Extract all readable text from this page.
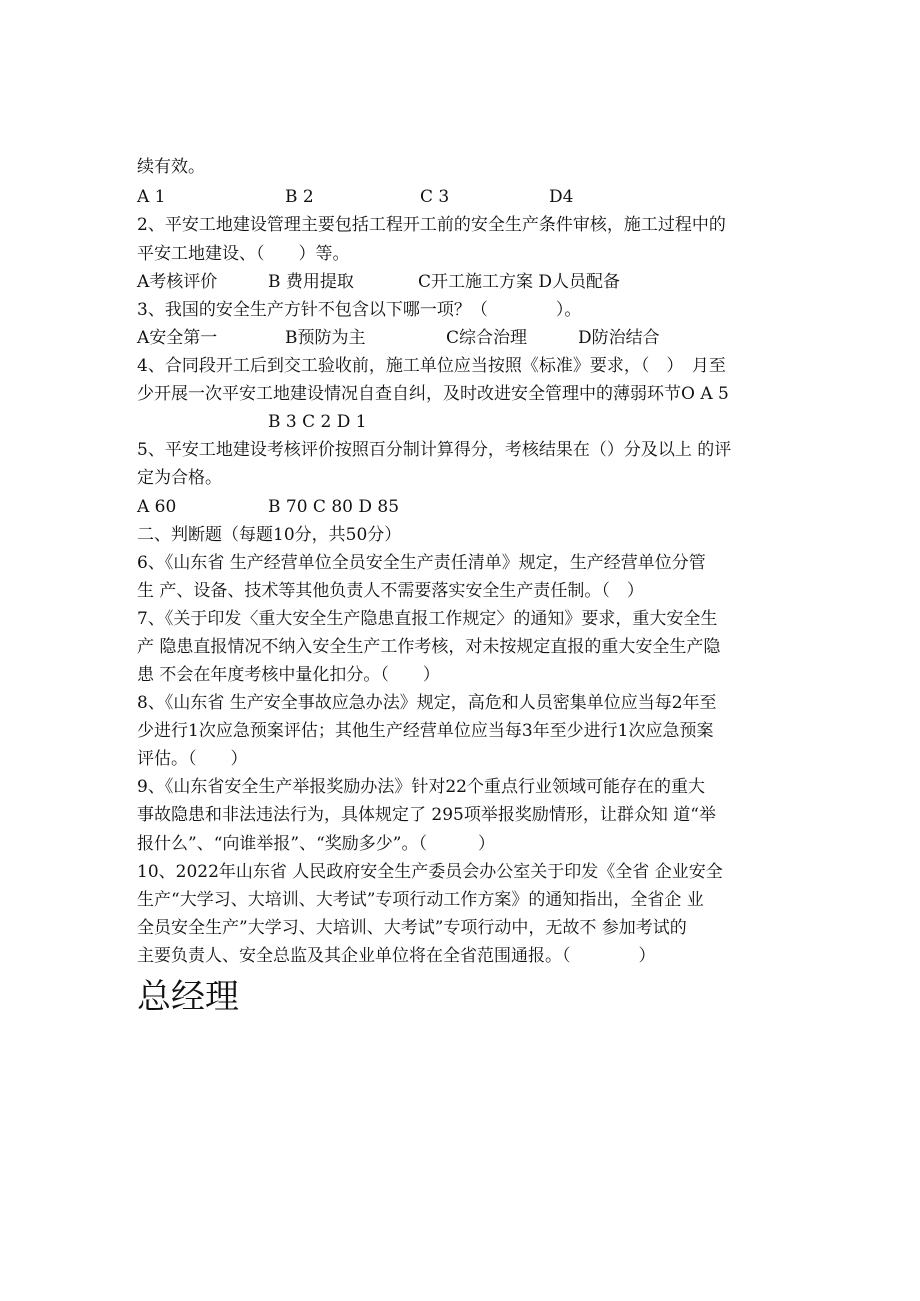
续有效。
A 1	B 2	C 3	D4
2、平安工地建设管理主要包括工程开工前的安全生产条件审核，施工过程中的
平安工地建设、（　　）等。
A考核评价	B 费用提取	C开工施工方案 D人员配备
3、我国的安全生产方针不包含以下哪一项？（　　　　）。
A安全第一	B预防为主	C综合治理	D防治结合
4、合同段开工后到交工验收前，施工单位应当按照《标准》要求，（　）　月至
少开展一次平安工地建设情况自查自纠，及时改进安全管理中的薄弱环节O A 5
B 3 C 2 D 1
5、平安工地建设考核评价按照百分制计算得分，考核结果在（）分及以上 的评
定为合格。
A 60	B 70 C 80 D 85
二、判断题（每题10分，共50分）
6、《山东省 生产经营单位全员安全生产责任清单》规定，生产经营单位分管
生 产、设备、技术等其他负责人不需要落实安全生产责任制。（　）
7、《关于印发〈重大安全生产隐患直报工作规定〉的通知》要求，重大安全生
产 隐患直报情况不纳入安全生产工作考核，对未按规定直报的重大安全生产隐
患 不会在年度考核中量化扣分。（　　）
8、《山东省 生产安全事故应急办法》规定，高危和人员密集单位应当每2年至
少进行1次应急预案评估；其他生产经营单位应当每3年至少进行1次应急预案
评估。（　　）
9、《山东省安全生产举报奖励办法》针对22个重点行业领域可能存在的重大
事故隐患和非法违法行为，具体规定了 295项举报奖励情形，让群众知 道“举
报什么”、“向谁举报”、“奖励多少”。（　　　）
10、2022年山东省 人民政府安全生产委员会办公室关于印发《全省 企业安全
生产“大学习、大培训、大考试”专项行动工作方案》的通知指出，全省企 业
全员安全生产”大学习、大培训、大考试”专项行动中，无故不 参加考试的
主要负责人、安全总监及其企业单位将在全省范围通报。（　　　　）
总经理
